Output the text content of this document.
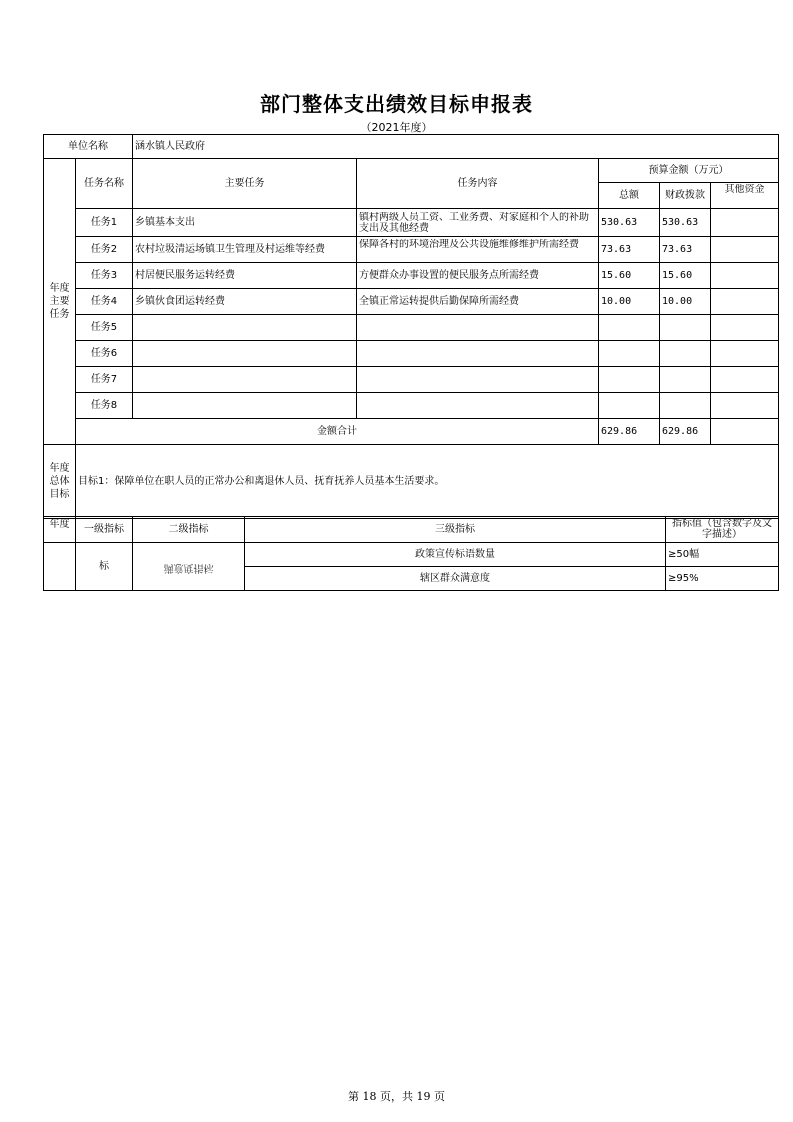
部门整体支出绩效目标申报表
（2021年度）
单位名称		涵水镇人民政府				
年度主要任务	任务名称	主要任务	任务内容	预算金额（万元）		
				总额	财政拨款	其他资金

	任务1	乡镇基本支出	镇村两级人员工资、工业务费、对家庭和个人的补助支出及其他经费	530.63	530.63	
	任务2	农村垃圾清运场镇卫生管理及村运维等经费	保障各村的环境治理及公共设施维修维护所需经费	73.63	73.63	
	任务3	村居便民服务运转经费	方便群众办事设置的便民服务点所需经费	15.60	15.60	
	任务4	乡镇伙食团运转经费	全镇正常运转提供后勤保障所需经费	10.00	10.00	
	任务5					
	任务6					
	任务7					
	任务8					
	金额合计			629.86	629.86	
年度总体目标	目标1：保障单位在职人员的正常办公和离退休人员、抚育抚养人员基本生活要求。					
年度	一级指标	二级指标	三级指标	指标值（包含数字及文字描述）

	标	满意度指标	政策宣传标语数量	≥50幅
			辖区群众满意度	≥95%
第 18 页，共 19 页
